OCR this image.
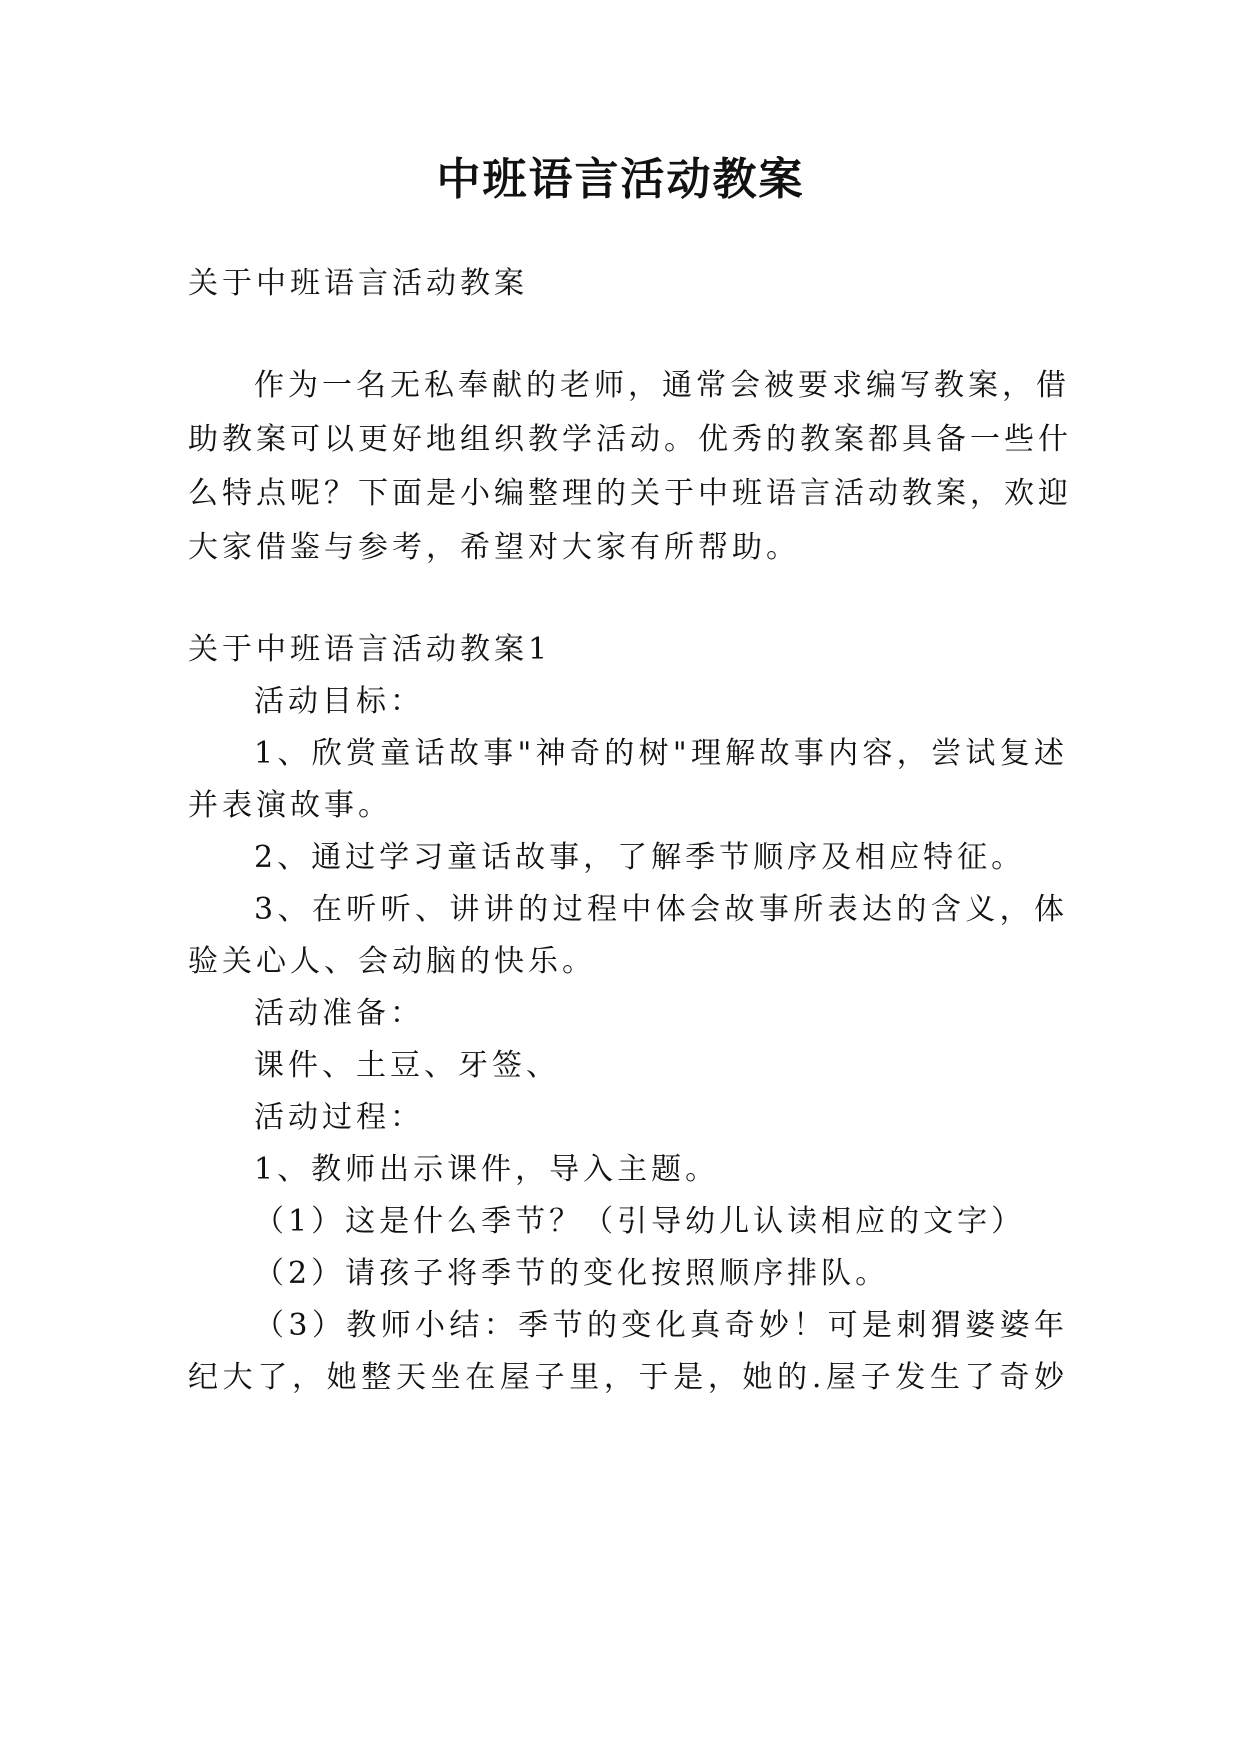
中班语言活动教案
关于中班语言活动教案
作为一名无私奉献的老师，通常会被要求编写教案，借
助教案可以更好地组织教学活动。优秀的教案都具备一些什
么特点呢？下面是小编整理的关于中班语言活动教案，欢迎
大家借鉴与参考，希望对大家有所帮助。
关于中班语言活动教案1
活动目标：
1、欣赏童话故事"神奇的树"理解故事内容，尝试复述
并表演故事。
2、通过学习童话故事，了解季节顺序及相应特征。
3、在听听、讲讲的过程中体会故事所表达的含义，体
验关心人、会动脑的快乐。
活动准备：
课件、土豆、牙签、
活动过程：
1、教师出示课件，导入主题。
（1）这是什么季节？（引导幼儿认读相应的文字）
（2）请孩子将季节的变化按照顺序排队。
（3）教师小结：季节的变化真奇妙！可是刺猬婆婆年
纪大了，她整天坐在屋子里，于是，她的.屋子发生了奇妙
